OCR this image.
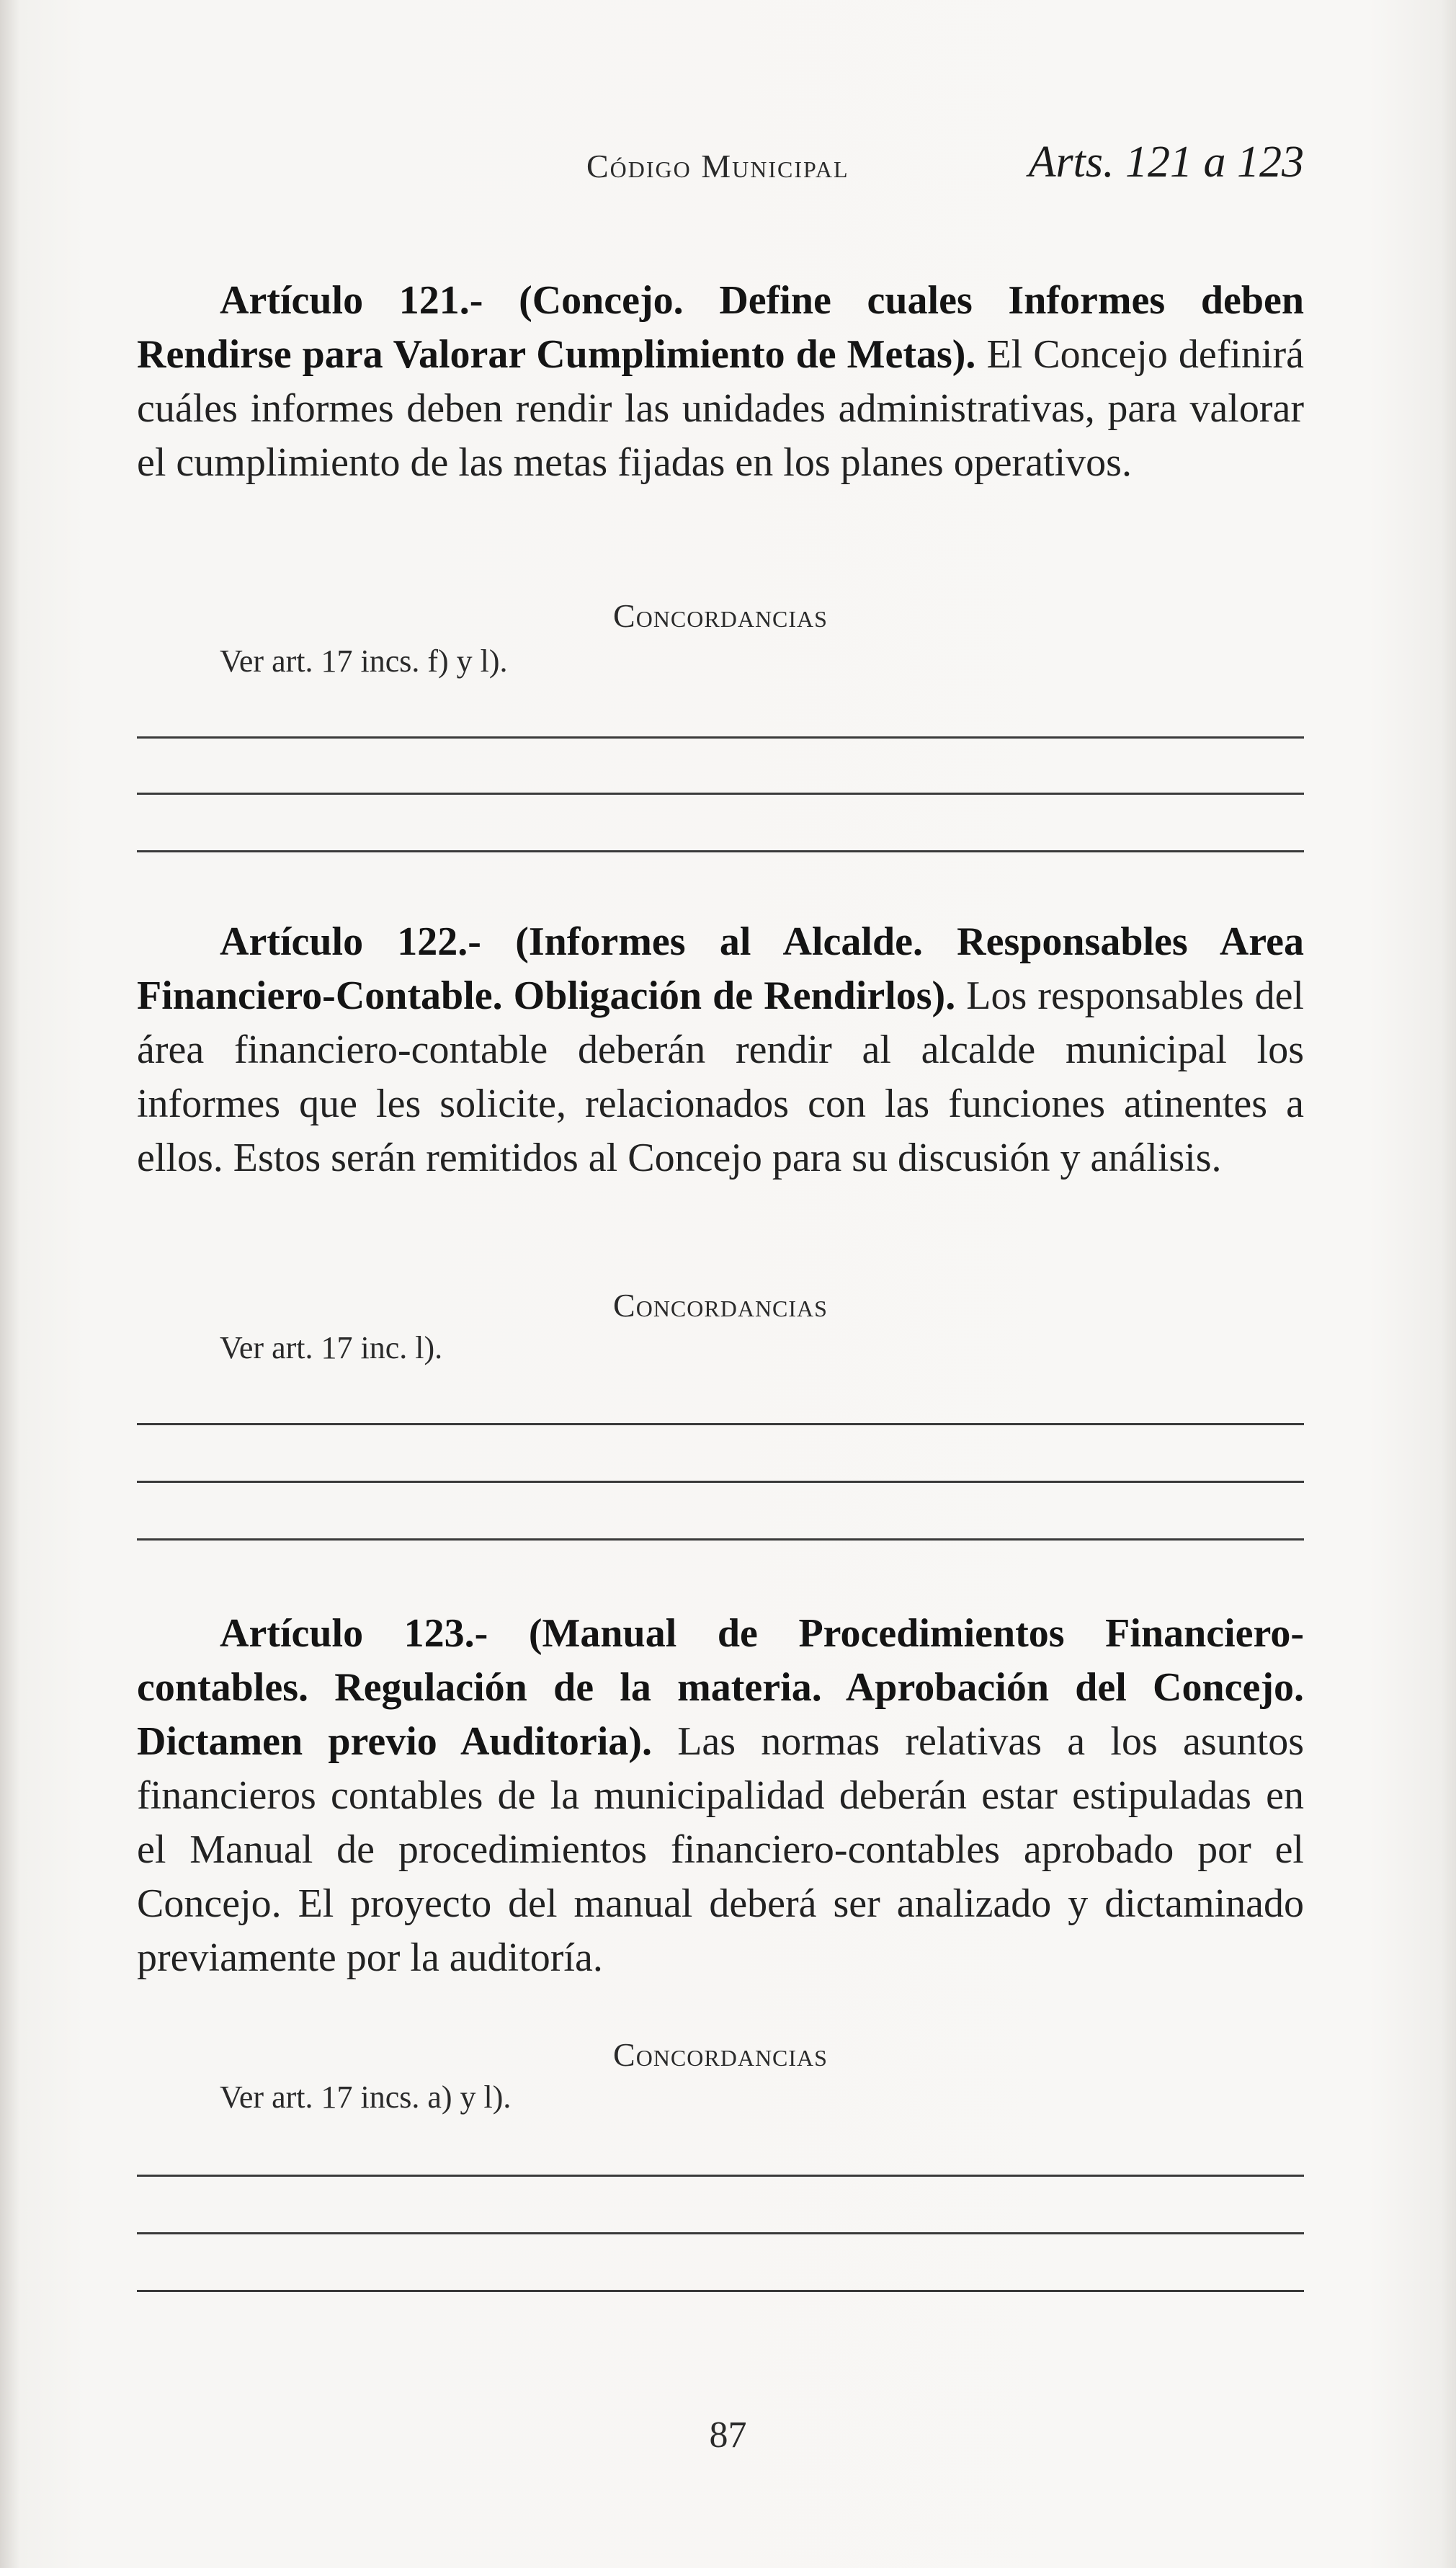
Código Municipal	Arts. 121 a 123

Artículo 121.- (Concejo. Define cuales Informes deben Rendirse para Valorar Cumplimiento de Metas). El Concejo definirá cuáles informes deben rendir las unidades administrativas, para valorar el cumplimiento de las metas fijadas en los planes operativos.

Concordancias
Ver art. 17 incs. f) y l).

Artículo 122.- (Informes al Alcalde. Responsables Area Financiero-Contable. Obligación de Rendirlos). Los responsables del área financiero-contable deberán rendir al alcalde municipal los informes que les solicite, relacionados con las funciones atinentes a ellos. Estos serán remitidos al Concejo para su discusión y análisis.

Concordancias
Ver art. 17 inc. l).

Artículo 123.- (Manual de Procedimientos Financiero-contables. Regulación de la materia. Aprobación del Concejo. Dictamen previo Auditoria). Las normas relativas a los asuntos financieros contables de la municipalidad deberán estar estipuladas en el Manual de procedimientos financiero-contables aprobado por el Concejo. El proyecto del manual deberá ser analizado y dictaminado previamente por la auditoría.

Concordancias
Ver art. 17 incs. a) y l).
87
